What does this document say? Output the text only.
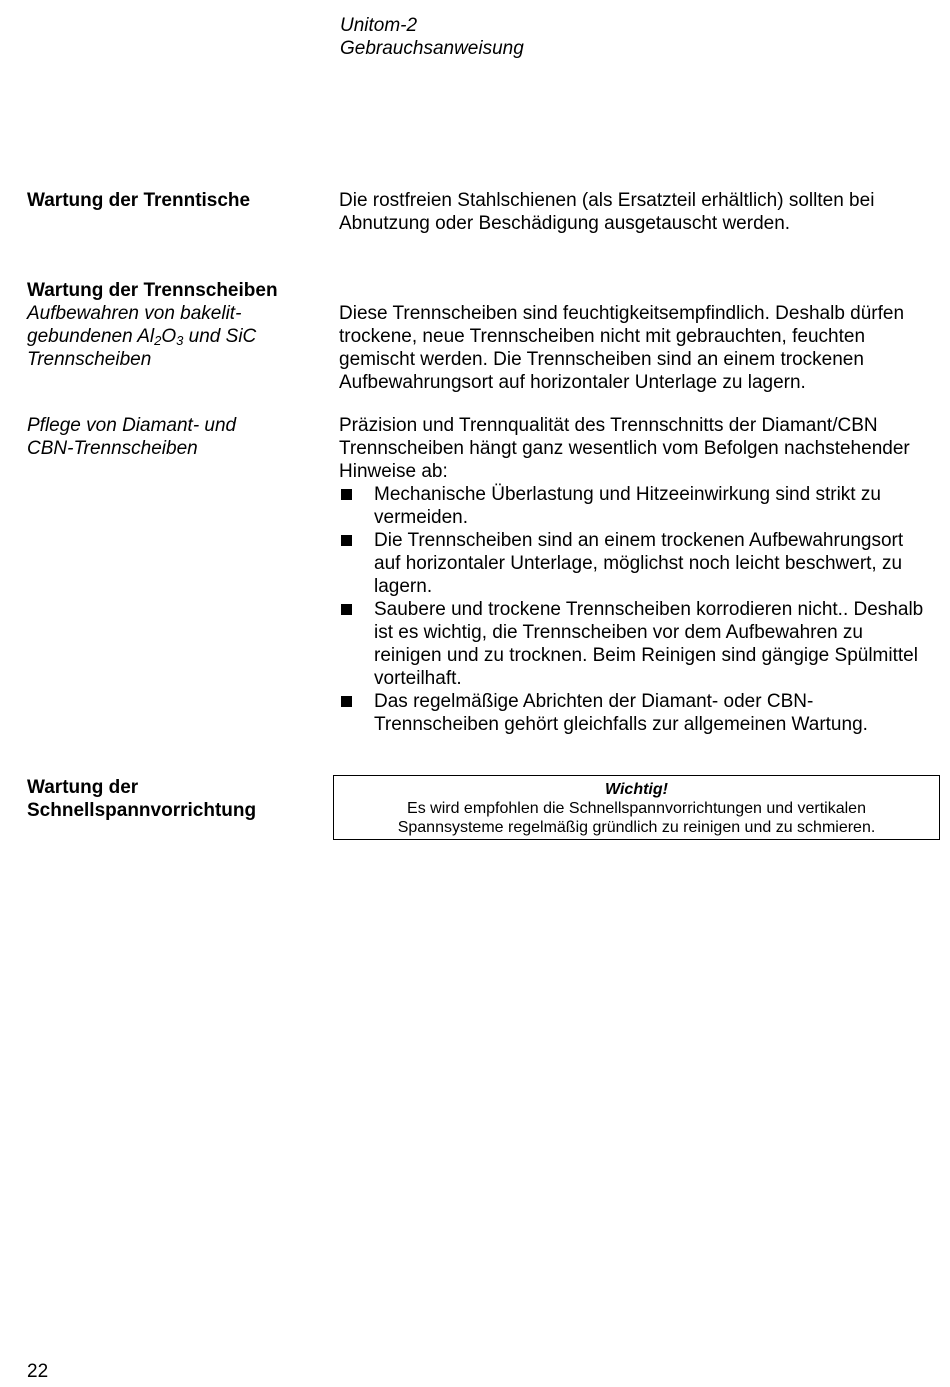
Unitom-2
Gebrauchsanweisung
Wartung der Trenntische	Die rostfreien Stahlschienen (als Ersatzteil erhältlich) sollten bei Abnutzung oder Beschädigung ausgetauscht werden.
Wartung der Trennscheiben
Aufbewahren von bakelit-gebundenen $Al_2O_3$ und SiC Trennscheiben
Diese Trennscheiben sind feuchtigkeitsempfindlich. Deshalb dürfen trockene, neue Trennscheiben nicht mit gebrauchten, feuchten gemischt werden. Die Trennscheiben sind an einem trockenen Aufbewahrungsort auf horizontaler Unterlage zu lagern.
Pflege von Diamant- und CBN-Trennscheiben
Präzision und Trennqualität des Trennschnitts der Diamant/CBN Trennscheiben hängt ganz wesentlich vom Befolgen nachstehender Hinweise ab:
Mechanische Überlastung und Hitzeeinwirkung sind strikt zu vermeiden.
Die Trennscheiben sind an einem trockenen Aufbewahrungsort auf horizontaler Unterlage, möglichst noch leicht beschwert, zu lagern.
Saubere und trockene Trennscheiben korrodieren nicht.. Deshalb ist es wichtig, die Trennscheiben vor dem Aufbewahren zu reinigen und zu trocknen. Beim Reinigen sind gängige Spülmittel vorteilhaft.
Das regelmäßige Abrichten der Diamant- oder CBN-Trennscheiben gehört gleichfalls zur allgemeinen Wartung.
Wartung der
Schnellspannvorrichtung
Wichtig!
Es wird empfohlen die Schnellspannvorrichtungen und vertikalen
Spannsysteme regelmäßig gründlich zu reinigen und zu schmieren.
22
